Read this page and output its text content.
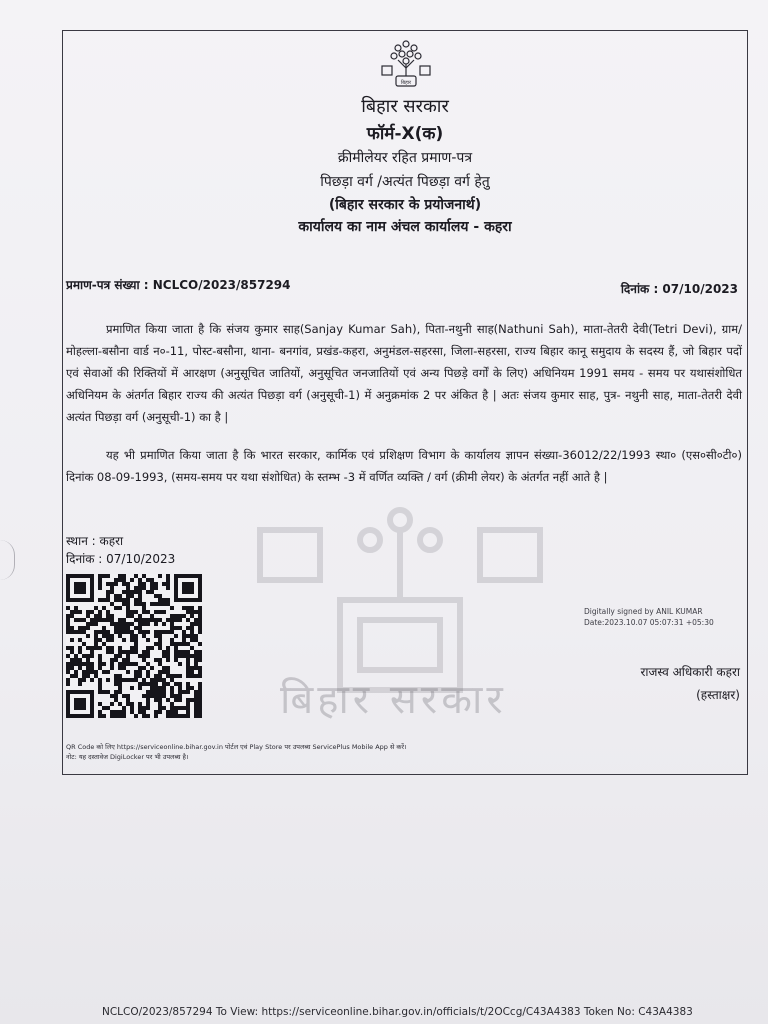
बिहार
बिहार सरकार
फॉर्म-X(क)
क्रीमीलेयर रहित प्रमाण-पत्र
पिछड़ा वर्ग /अत्यंत पिछड़ा वर्ग हेतु
(बिहार सरकार के प्रयोजनार्थ)
कार्यालय का नाम अंचल कार्यालय - कहरा
प्रमाण-पत्र संख्या : NCLCO/2023/857294	दिनांक : 07/10/2023
बिहार सरकार

प्रमाणित किया जाता है कि संजय कुमार साह(Sanjay Kumar Sah), पिता-नथुनी साह(Nathuni Sah), माता-तेतरी देवी(Tetri Devi), ग्राम/मोहल्ला-बसौना वार्ड न०-11, पोस्ट-बसौना, थाना- बनगांव, प्रखंड-कहरा, अनुमंडल-सहरसा, जिला-सहरसा, राज्य बिहार कानू समुदाय के सदस्य हैं, जो बिहार पदों एवं सेवाओं की रिक्तियों में आरक्षण (अनुसूचित जातियों, अनुसूचित जनजातियों एवं अन्य पिछड़े वर्गों के लिए) अधिनियम 1991 समय - समय पर यथासंशोधित अधिनियम के अंतर्गत बिहार राज्य की अत्यंत पिछड़ा वर्ग (अनुसूची-1) में अनुक्रमांक 2 पर अंकित है | अतः संजय कुमार साह, पुत्र- नथुनी साह, माता-तेतरी देवी अत्यंत पिछड़ा वर्ग (अनुसूची-1) का है |

यह भी प्रमाणित किया जाता है कि भारत सरकार, कार्मिक एवं प्रशिक्षण विभाग के कार्यालय ज्ञापन संख्या-36012/22/1993 स्था० (एस०सी०टी०) दिनांक 08-09-1993, (समय-समय पर यथा संशोधित) के स्तम्भ -3 में वर्णित व्यक्ति / वर्ग (क्रीमी लेयर) के अंतर्गत नहीं आते है |

स्थान : कहरा
दिनांक : 07/10/2023
Digitally signed by ANIL KUMAR
Date:2023.10.07 05:07:31 +05:30
राजस्व अधिकारी कहरा
(हस्ताक्षर)
QR Code को लिए https://serviceonline.bihar.gov.in पोर्टल एवं Play Store पर उपलब्ध ServicePlus Mobile App से करें।
नोट: यह दस्तावेज DigiLocker पर भी उपलब्ध है।
NCLCO/2023/857294 To View: https://serviceonline.bihar.gov.in/officials/t/2OCcg/C43A4383 Token No: C43A4383
